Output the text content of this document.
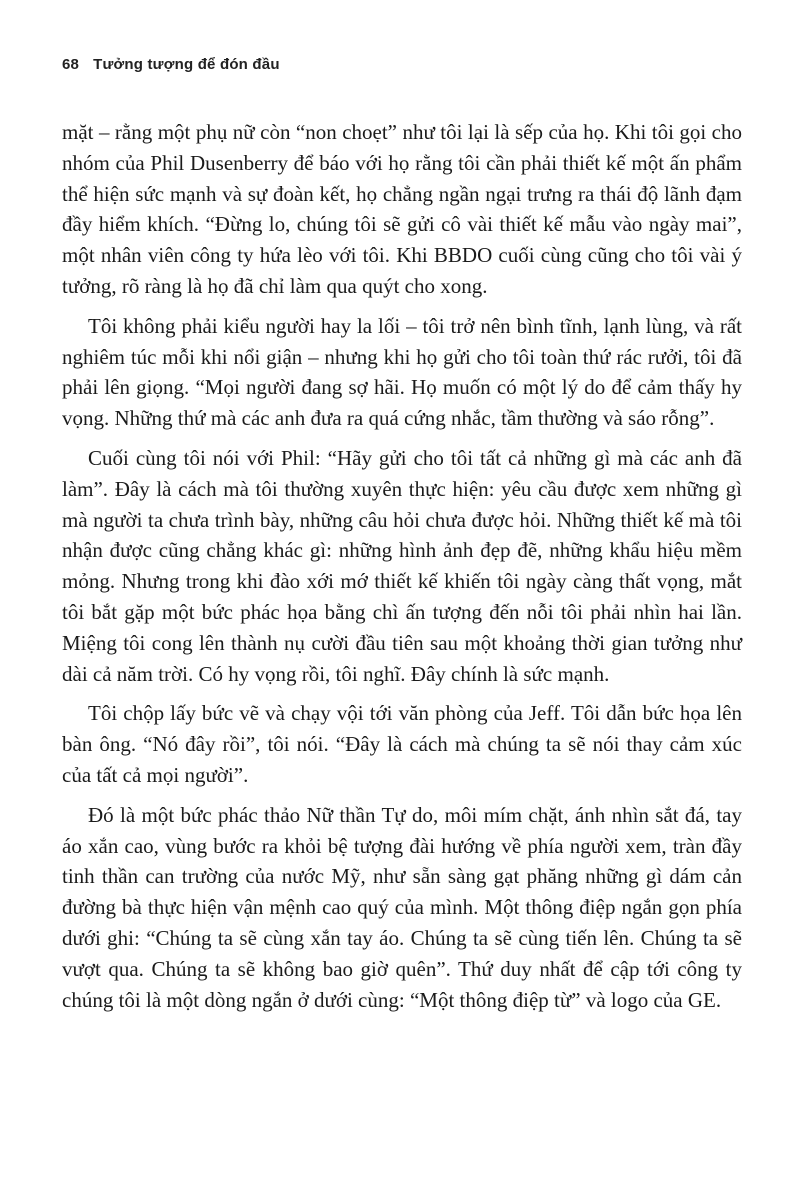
68 Tưởng tượng để đón đầu

mặt – rằng một phụ nữ còn “non choẹt” như tôi lại là sếp của họ. Khi tôi gọi cho nhóm của Phil Dusenberry để báo với họ rằng tôi cần phải thiết kế một ấn phẩm thể hiện sức mạnh và sự đoàn kết, họ chẳng ngần ngại trưng ra thái độ lãnh đạm đầy hiểm khích. “Đừng lo, chúng tôi sẽ gửi cô vài thiết kế mẫu vào ngày mai”, một nhân viên công ty hứa lèo với tôi. Khi BBDO cuối cùng cũng cho tôi vài ý tưởng, rõ ràng là họ đã chỉ làm qua quýt cho xong.

Tôi không phải kiểu người hay la lối – tôi trở nên bình tĩnh, lạnh lùng, và rất nghiêm túc mỗi khi nổi giận – nhưng khi họ gửi cho tôi toàn thứ rác rưởi, tôi đã phải lên giọng. “Mọi người đang sợ hãi. Họ muốn có một lý do để cảm thấy hy vọng. Những thứ mà các anh đưa ra quá cứng nhắc, tầm thường và sáo rỗng”.

Cuối cùng tôi nói với Phil: “Hãy gửi cho tôi tất cả những gì mà các anh đã làm”. Đây là cách mà tôi thường xuyên thực hiện: yêu cầu được xem những gì mà người ta chưa trình bày, những câu hỏi chưa được hỏi. Những thiết kế mà tôi nhận được cũng chẳng khác gì: những hình ảnh đẹp đẽ, những khẩu hiệu mềm mỏng. Nhưng trong khi đào xới mớ thiết kế khiến tôi ngày càng thất vọng, mắt tôi bắt gặp một bức phác họa bằng chì ấn tượng đến nỗi tôi phải nhìn hai lần. Miệng tôi cong lên thành nụ cười đầu tiên sau một khoảng thời gian tưởng như dài cả năm trời. Có hy vọng rồi, tôi nghĩ. Đây chính là sức mạnh.

Tôi chộp lấy bức vẽ và chạy vội tới văn phòng của Jeff. Tôi dẫn bức họa lên bàn ông. “Nó đây rồi”, tôi nói. “Đây là cách mà chúng ta sẽ nói thay cảm xúc của tất cả mọi người”.

Đó là một bức phác thảo Nữ thần Tự do, môi mím chặt, ánh nhìn sắt đá, tay áo xắn cao, vùng bước ra khỏi bệ tượng đài hướng về phía người xem, tràn đầy tinh thần can trường của nước Mỹ, như sẵn sàng gạt phăng những gì dám cản đường bà thực hiện vận mệnh cao quý của mình. Một thông điệp ngắn gọn phía dưới ghi: “Chúng ta sẽ cùng xắn tay áo. Chúng ta sẽ cùng tiến lên. Chúng ta sẽ vượt qua. Chúng ta sẽ không bao giờ quên”. Thứ duy nhất để cập tới công ty chúng tôi là một dòng ngắn ở dưới cùng: “Một thông điệp từ” và logo của GE.
